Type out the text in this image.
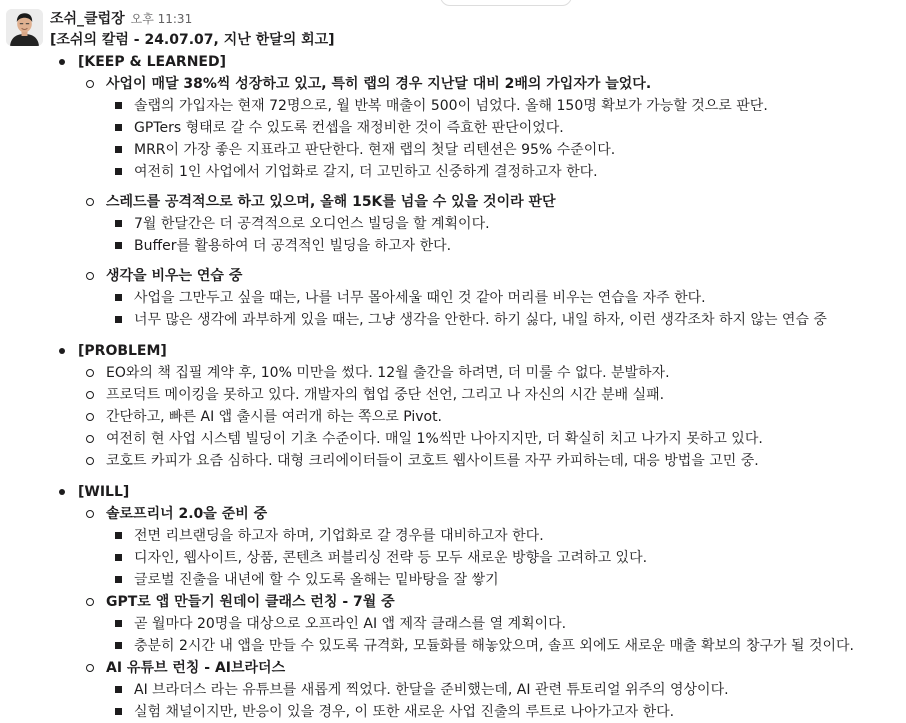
조쉬_클럽장 오후 11:31
[조쉬의 칼럼 - 24.07.07, 지난 한달의 회고]
[KEEP & LEARNED]
사업이 매달 38%씩 성장하고 있고, 특히 랩의 경우 지난달 대비 2배의 가입자가 늘었다.
솔랩의 가입자는 현재 72명으로, 월 반복 매출이 500이 넘었다. 올해 150명 확보가 가능할 것으로 판단.
GPTers 형태로 갈 수 있도록 컨셉을 재정비한 것이 즉효한 판단이었다.
MRR이 가장 좋은 지표라고 판단한다. 현재 랩의 첫달 리텐션은 95% 수준이다.
여전히 1인 사업에서 기업화로 갈지, 더 고민하고 신중하게 결정하고자 한다.
스레드를 공격적으로 하고 있으며, 올해 15K를 넘을 수 있을 것이라 판단
7월 한달간은 더 공격적으로 오디언스 빌딩을 할 계획이다.
Buffer를 활용하여 더 공격적인 빌딩을 하고자 한다.
생각을 비우는 연습 중
사업을 그만두고 싶을 때는, 나를 너무 몰아세울 때인 것 같아 머리를 비우는 연습을 자주 한다.
너무 많은 생각에 과부하게 있을 때는, 그냥 생각을 안한다. 하기 싫다, 내일 하자, 이런 생각조차 하지 않는 연습 중
[PROBLEM]
EO와의 책 집필 계약 후, 10% 미만을 썼다. 12월 출간을 하려면, 더 미룰 수 없다. 분발하자.
프로덕트 메이킹을 못하고 있다. 개발자의 협업 중단 선언, 그리고 나 자신의 시간 분배 실패.
간단하고, 빠른 AI 앱 출시를 여러개 하는 쪽으로 Pivot.
여전히 현 사업 시스템 빌딩이 기초 수준이다. 매일 1%씩만 나아지지만, 더 확실히 치고 나가지 못하고 있다.
코호트 카피가 요즘 심하다. 대형 크리에이터들이 코호트 웹사이트를 자꾸 카피하는데, 대응 방법을 고민 중.
[WILL]
솔로프리너 2.0을 준비 중
전면 리브랜딩을 하고자 하며, 기업화로 갈 경우를 대비하고자 한다.
디자인, 웹사이트, 상품, 콘텐츠 퍼블리싱 전략 등 모두 새로운 방향을 고려하고 있다.
글로벌 진출을 내년에 할 수 있도록 올해는 밑바탕을 잘 쌓기
GPT로 앱 만들기 원데이 클래스 런칭 - 7월 중
곧 월마다 20명을 대상으로 오프라인 AI 앱 제작 클래스를 열 계획이다.
충분히 2시간 내 앱을 만들 수 있도록 규격화, 모듈화를 해놓았으며, 솔프 외에도 새로운 매출 확보의 창구가 될 것이다.
AI 유튜브 런칭 - AI브라더스
AI 브라더스 라는 유튜브를 새롭게 찍었다. 한달을 준비했는데, AI 관련 튜토리얼 위주의 영상이다.
실험 채널이지만, 반응이 있을 경우, 이 또한 새로운 사업 진출의 루트로 나아가고자 한다.
